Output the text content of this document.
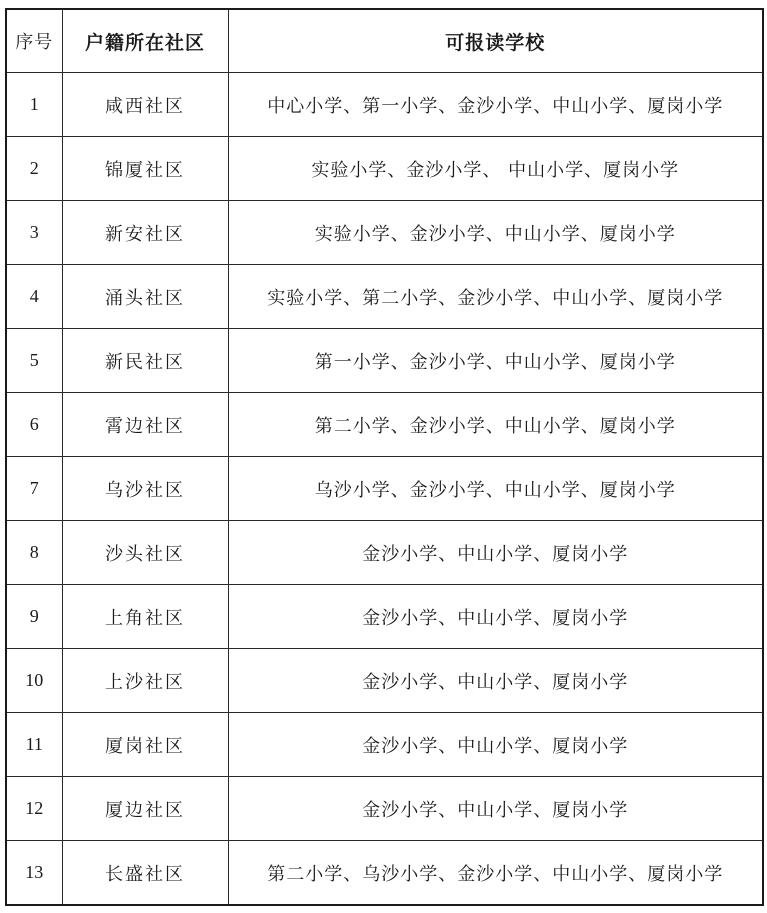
序号	户籍所在社区	可报读学校
1	咸西社区	中心小学、第一小学、金沙小学、中山小学、厦岗小学
2	锦厦社区	实验小学、金沙小学、 中山小学、厦岗小学
3	新安社区	实验小学、金沙小学、中山小学、厦岗小学
4	涌头社区	实验小学、第二小学、金沙小学、中山小学、厦岗小学
5	新民社区	第一小学、金沙小学、中山小学、厦岗小学
6	霄边社区	第二小学、金沙小学、中山小学、厦岗小学
7	乌沙社区	乌沙小学、金沙小学、中山小学、厦岗小学
8	沙头社区	金沙小学、中山小学、厦岗小学
9	上角社区	金沙小学、中山小学、厦岗小学
10	上沙社区	金沙小学、中山小学、厦岗小学
11	厦岗社区	金沙小学、中山小学、厦岗小学
12	厦边社区	金沙小学、中山小学、厦岗小学
13	长盛社区	第二小学、乌沙小学、金沙小学、中山小学、厦岗小学
